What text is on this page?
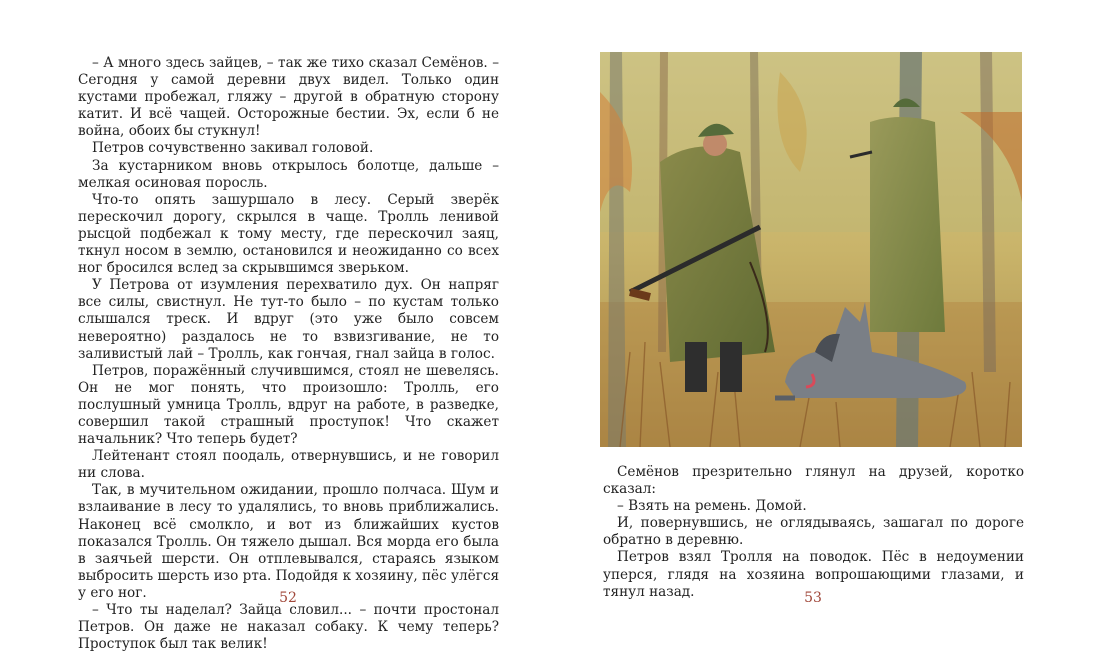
– А много здесь зайцев, – так же тихо сказал Семёнов. – Сегодня у самой деревни двух видел. Только один кустами пробежал, гляжу – другой в обратную сторону катит. И всё чащей. Осторожные бестии. Эх, если б не война, обоих бы стукнул!

Петров сочувственно закивал головой.

За кустарником вновь открылось болотце, дальше – мелкая осиновая поросль.

Что-то опять зашуршало в лесу. Серый зверёк перескочил дорогу, скрылся в чаще. Тролль ленивой рысцой подбежал к тому месту, где перескочил заяц, ткнул носом в землю, остановился и неожиданно со всех ног бросился вслед за скрывшимся зверьком.

У Петрова от изумления перехватило дух. Он напряг все силы, свистнул. Не тут-то было – по кустам только слышался треск. И вдруг (это уже было совсем невероятно) раздалось не то взвизгивание, не то заливистый лай – Тролль, как гончая, гнал зайца в голос.

Петров, поражённый случившимся, стоял не шевелясь. Он не мог понять, что произошло: Тролль, его послушный умница Тролль, вдруг на работе, в разведке, совершил такой страшный проступок! Что скажет начальник? Что теперь будет?

Лейтенант стоял поодаль, отвернувшись, и не говорил ни слова.

Так, в мучительном ожидании, прошло полчаса. Шум и взлаивание в лесу то удалялись, то вновь приближались. Наконец всё смолкло, и вот из ближайших кустов показался Тролль. Он тяжело дышал. Вся морда его была в заячьей шерсти. Он отплевывался, стараясь языком выбросить шерсть изо рта. Подойдя к хозяину, пёс улёгся у его ног.

– Что ты наделал? Зайца словил... – почти простонал Петров. Он даже не наказал собаку. К чему теперь? Проступок был так велик!

52

Семёнов презрительно глянул на друзей, коротко сказал:

– Взять на ремень. Домой.

И, повернувшись, не оглядываясь, зашагал по дороге обратно в деревню.

Петров взял Тролля на поводок. Пёс в недоумении уперся, глядя на хозяина вопрошающими глазами, и тянул назад.	53
